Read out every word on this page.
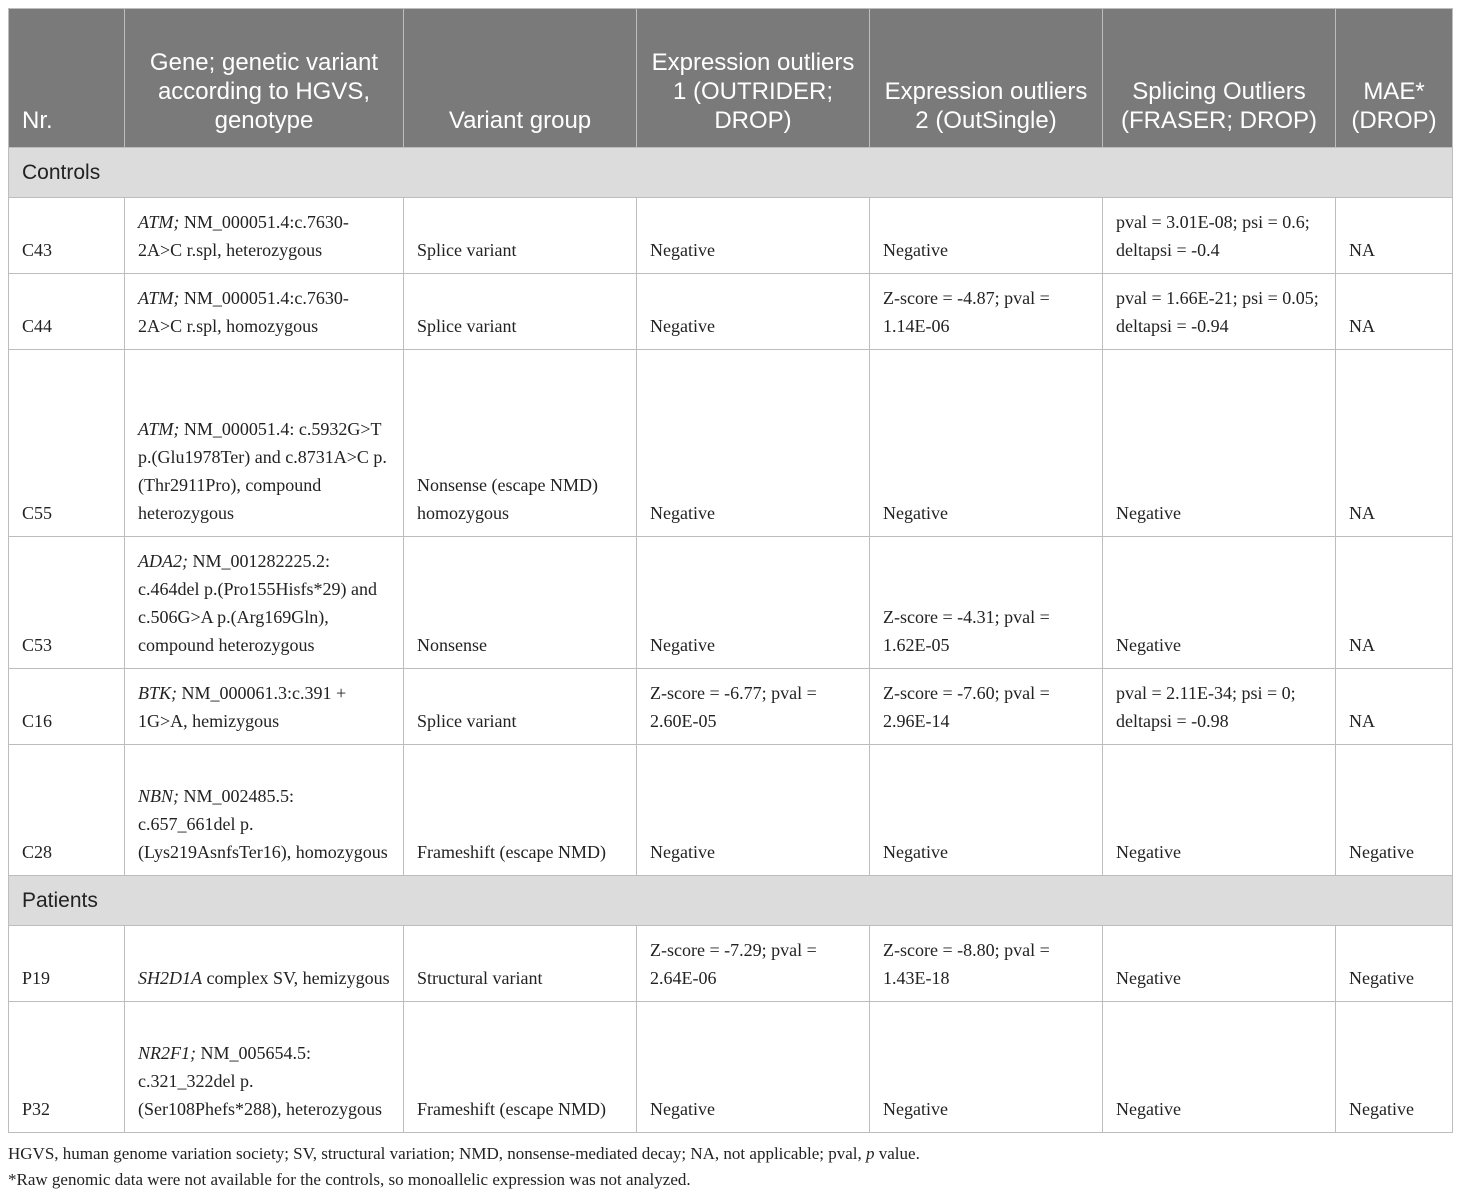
Nr.	Gene; genetic variant according to HGVS, genotype	Variant group	Expression outliers 1 (OUTRIDER; DROP)	Expression outliers 2 (OutSingle)	Splicing Outliers (FRASER; DROP)	MAE* (DROP)
Controls						
C43	ATM; NM_000051.4:c.7630-2A>C r.spl, heterozygous	Splice variant	Negative	Negative	pval = 3.01E-08; psi = 0.6; deltapsi = -0.4	NA
C44	ATM; NM_000051.4:c.7630-2A>C r.spl, homozygous	Splice variant	Negative	Z-score = -4.87; pval = 1.14E-06	pval = 1.66E-21; psi = 0.05; deltapsi = -0.94	NA
C55	ATM; NM_000051.4: c.5932G>T p.(Glu1978Ter) and c.8731A>C p.(Thr2911Pro), compound heterozygous	Nonsense (escape NMD) homozygous	Negative	Negative	Negative	NA
C53	ADA2; NM_001282225.2: c.464del p.(Pro155Hisfs*29) and c.506G>A p.(Arg169Gln), compound heterozygous	Nonsense	Negative	Z-score = -4.31; pval = 1.62E-05	Negative	NA
C16	BTK; NM_000061.3:c.391 + 1G>A, hemizygous	Splice variant	Z-score = -6.77; pval = 2.60E-05	Z-score = -7.60; pval = 2.96E-14	pval = 2.11E-34; psi = 0; deltapsi = -0.98	NA
C28	NBN; NM_002485.5: c.657_661del p.(Lys219AsnfsTer16), homozygous	Frameshift (escape NMD)	Negative	Negative	Negative	Negative
Patients						
P19	SH2D1A complex SV, hemizygous	Structural variant	Z-score = -7.29; pval = 2.64E-06	Z-score = -8.80; pval = 1.43E-18	Negative	Negative
P32	NR2F1; NM_005654.5: c.321_322del p.(Ser108Phefs*288), heterozygous	Frameshift (escape NMD)	Negative	Negative	Negative	Negative
HGVS, human genome variation society; SV, structural variation; NMD, nonsense-mediated decay; NA, not applicable; pval, p value.
*Raw genomic data were not available for the controls, so monoallelic expression was not analyzed.
